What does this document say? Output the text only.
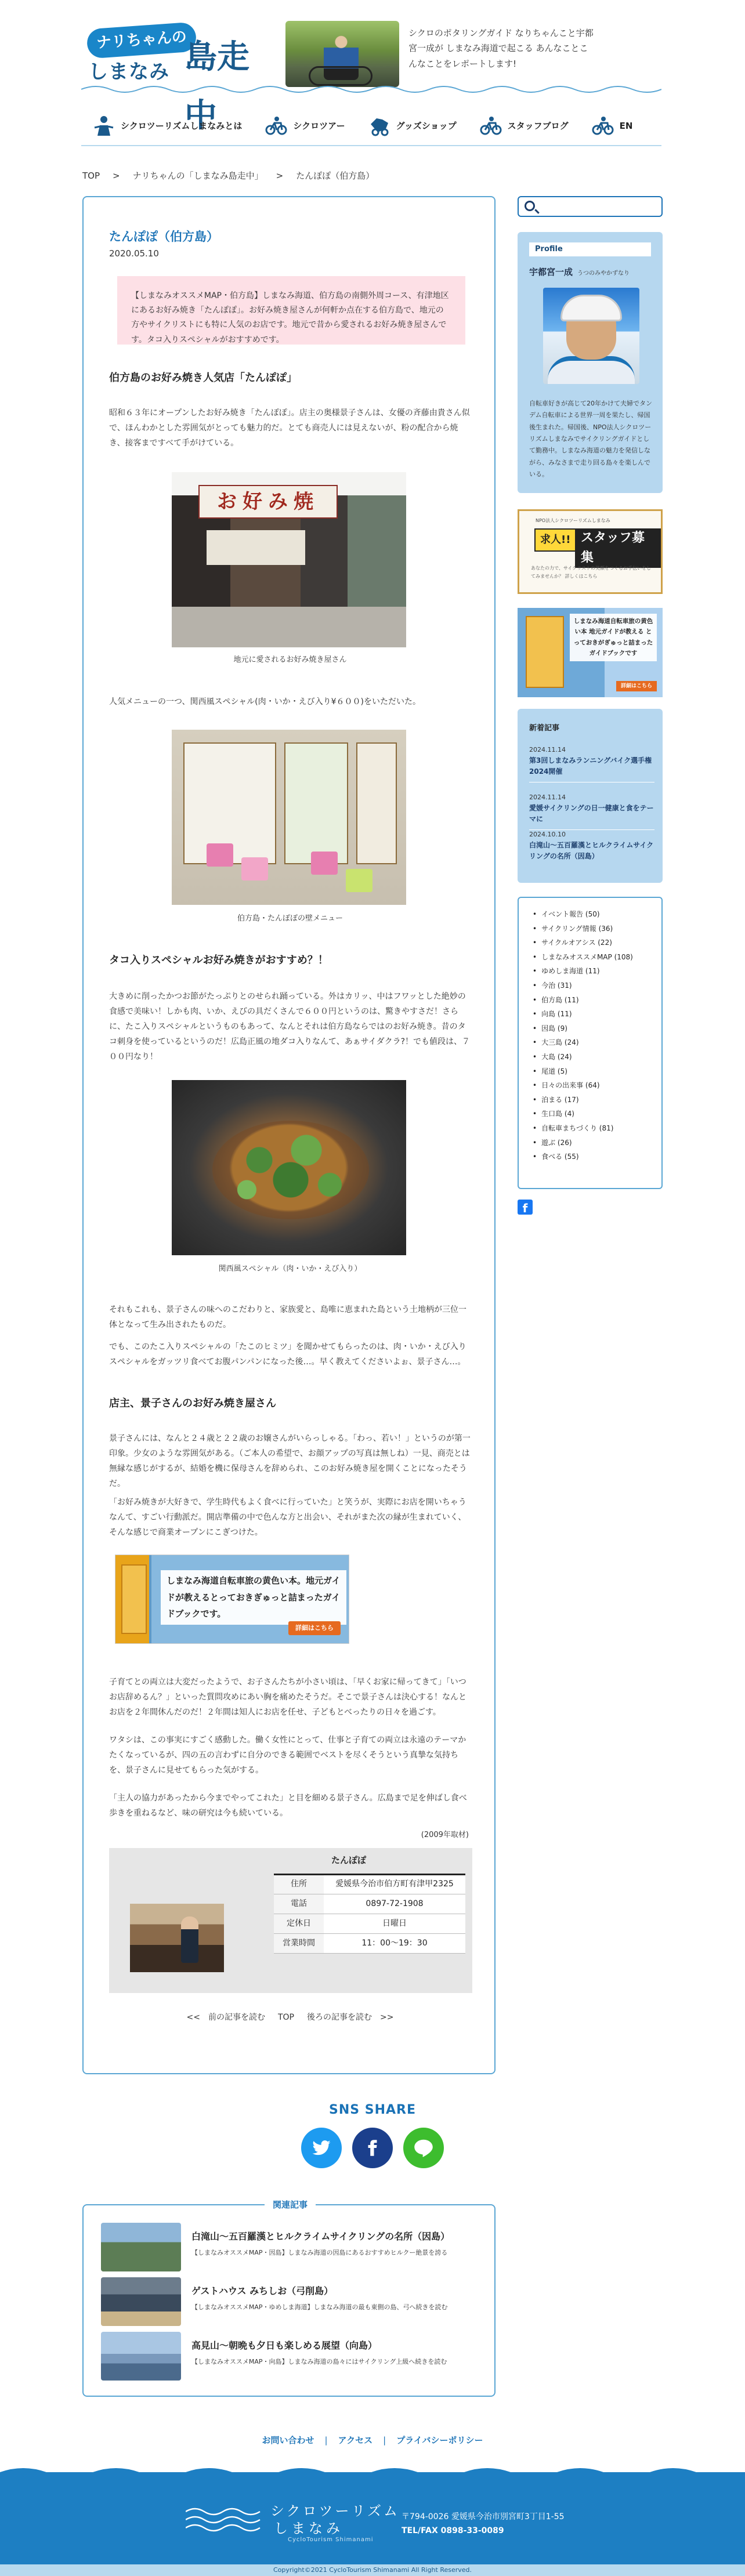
ナリちゃんの
しまなみ 島走中
シクロのポタリングガイド なりちゃんこと宇都宮一成が しまなみ海道で起こる あんなことこんなことをレポートします!
シクロツーリズムしまなみとは	シクロツアー	グッズショップ	スタッフブログ	EN
TOP > ナリちゃんの「しまなみ島走中」 > たんぽぽ（伯方島）
たんぽぽ（伯方島）
2020.05.10
【しまなみオススメMAP・伯方島】しまなみ海道、伯方島の南側外周コース、有津地区にあるお好み焼き「たんぽぽ」。お好み焼き屋さんが何軒か点在する伯方島で、地元の方やサイクリストにも特に人気のお店です。地元で昔から愛されるお好み焼き屋さんです。タコ入りスペシャルがおすすめです。
伯方島のお好み焼き人気店「たんぽぽ」

昭和６３年にオープンしたお好み焼き「たんぽぽ」。店主の奥様景子さんは、女優の斉藤由貴さん似で、ほんわかとした雰囲気がとっても魅力的だ。とても商売人には見えないが、粉の配合から焼き、接客まですべて手がけている。

お好み焼
地元に愛されるお好み焼き屋さん

人気メニューの一つ、関西風スペシャル(肉・いか・えび入り¥６００)をいただいた。

伯方島・たんぽぽの壁メニュー
タコ入りスペシャルお好み焼きがおすすめ？！

大きめに削ったかつお節がたっぷりとのせられ踊っている。外はカリッ、中はフワッとした絶妙の食感で美味い！しかも肉、いか、えびの具だくさんで６００円というのは、驚きやすさだ！さらに、たこ入りスペシャルというものもあって、なんとそれは伯方島ならではのお好み焼き。昔のタコ刺身を使っているというのだ！広島正風の地ダコ入りなんて、あぁサイダクラ?！でも値段は、７００円なり！

関西風スペシャル（肉・いか・えび入り）

それもこれも、景子さんの味へのこだわりと、家族愛と、島唯に恵まれた島という土地柄が三位一体となって生み出されたものだ。

でも、このたこ入りスペシャルの「たこのヒミツ」を聞かせてもらったのは、肉・いか・えび入りスペシャルをガッツリ食べてお腹パンパンになった後…。早く教えてくださいよぉ、景子さん…。

店主、景子さんのお好み焼き屋さん

景子さんには、なんと２４歳と２２歳のお嬢さんがいらっしゃる。「わっ、若い！」というのが第一印象。少女のような雰囲気がある。（ご本人の希望で、お顔アップの写真は無しね）一見、商売とは無縁な感じがするが、結婚を機に保母さんを辞められ、このお好み焼き屋を開くことになったそうだ。

「お好み焼きが大好きで、学生時代もよく食べに行っていた」と笑うが、実際にお店を開いちゃうなんて、すごい行動派だ。開店準備の中で色んな方と出会い、それがまた次の縁が生まれていく、そんな感じで商業オープンにこぎつけた。

しまなみ海道自転車旅の黄色い本。地元ガイドが教えるとっておきぎゅっと詰まったガイドブックです。
詳細はこちら

子育てとの両立は大変だったようで、お子さんたちが小さい頃は、「早くお家に帰ってきて」「いつお店辞めるん？」といった質問攻めにあい胸を痛めたそうだ。そこで景子さんは決心する！なんとお店を２年間休んだのだ！２年間は知人にお店を任せ、子どもとべったりの日々を過ごす。

ワタシは、この事実にすごく感動した。働く女性にとって、仕事と子育ての両立は永遠のテーマかたくなっているが、四の五の言わずに自分のできる範囲でベストを尽くそうという真摯な気持ちを、景子さんに見せてもらった気がする。

「主人の協力があったから今までやってこれた」と目を細める景子さん。広島まで足を伸ばし食べ歩きを重ねるなど、味の研究は今も続いている。

(2009年取材)
たんぽぽ
住所	愛媛県今治市伯方町有津甲2325
電話	0897-72-1908
定休日	日曜日
営業時間	11：00〜19：30
<<　前の記事を読む TOP 後ろの記事を読む　>>
Profile
宇都宮一成 うつのみやかずなり
自転車好きが高じて20年かけて夫婦でタンデム自転車による世界一周を果たし、帰国後生まれた。帰国後、NPO法人シクロツーリズムしまなみでサイクリングガイドとして勤務中。しまなみ海道の魅力を発信しながら、みなさまで走り回る島々を楽しんでいる。
NPO法人シクロツーリズムしまなみ
求人!! スタッフ募集
あなたの力で、サイクリストの笑顔をつくるお手伝いをしてみませんか？ 詳しくはこちら
しまなみ海道自転車旅の黄色い本 地元ガイドが教える とっておきがぎゅっと詰まったガイドブックです
詳細はこちら
新着記事
2024.11.14
第3回しまなみランニングバイク選手権2024開催
2024.11.14
愛媛サイクリングの日一健康と食をテーマに
2024.10.10
白滝山〜五百羅漢とヒルクライムサイクリングの名所（因島）
• イベント報告 (50)
• サイクリング情報 (36)
• サイクルオアシス (22)
• しまなみオススメMAP (108)
• ゆめしま海道 (11)
• 今治 (31)
• 伯方島 (11)
• 向島 (11)
• 因島 (9)
• 大三島 (24)
• 大島 (24)
• 尾道 (5)
• 日々の出来事 (64)
• 泊まる (17)
• 生口島 (4)
• 自転車まちづくり (81)
• 遊ぶ (26)
• 食べる (55)
f
SNS SHARE
関連記事
白滝山〜五百羅漢とヒルクライムサイクリングの名所（因島）
【しまなみオススメMAP・因島】しまなみ海道の因島にあるおすすめヒルクー絶景を誇る
ゲストハウス みちしお（弓削島）
【しまなみオススメMAP・ゆめしま海道】しまなみ海道の最も東側の島、弓へ続きを読む
高見山〜朝晩も夕日も楽しめる展望（向島）
【しまなみオススメMAP・向島】しまなみ海道の島々にはサイクリング上級へ続きを読む
お問い合わせ | アクセス | プライバシーポリシー
シクロツーリズム
しまなみ
CycloTourism Shimanami
〒794-0026 愛媛県今治市別宮町3丁目1-55
TEL/FAX 0898-33-0089
Copyright©2021 CycloTourism Shimanami All Right Reserved.
